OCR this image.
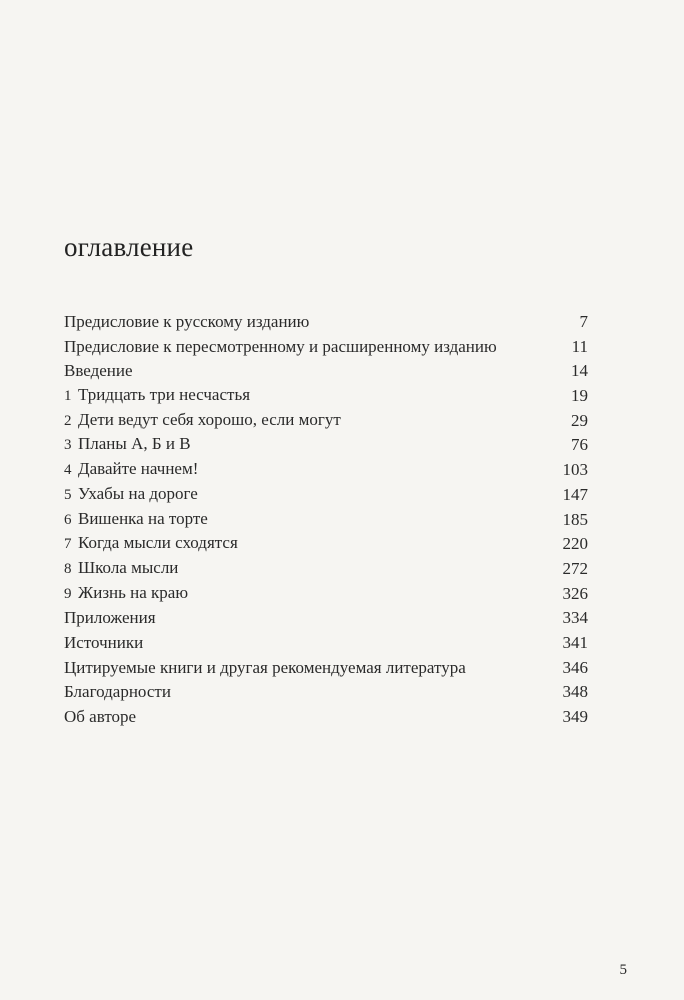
оглавление
Предисловие к русскому изданию	7
Предисловие к пересмотренному и расширенному изданию	11
Введение	14
1 Тридцать три несчастья	19
2 Дети ведут себя хорошо, если могут	29
3 Планы А, Б и В	76
4 Давайте начнем!	103
5 Ухабы на дороге	147
6 Вишенка на торте	185
7 Когда мысли сходятся	220
8 Школа мысли	272
9 Жизнь на краю	326
Приложения	334
Источники	341
Цитируемые книги и другая рекомендуемая литература	346
Благодарности	348
Об авторе	349
5
